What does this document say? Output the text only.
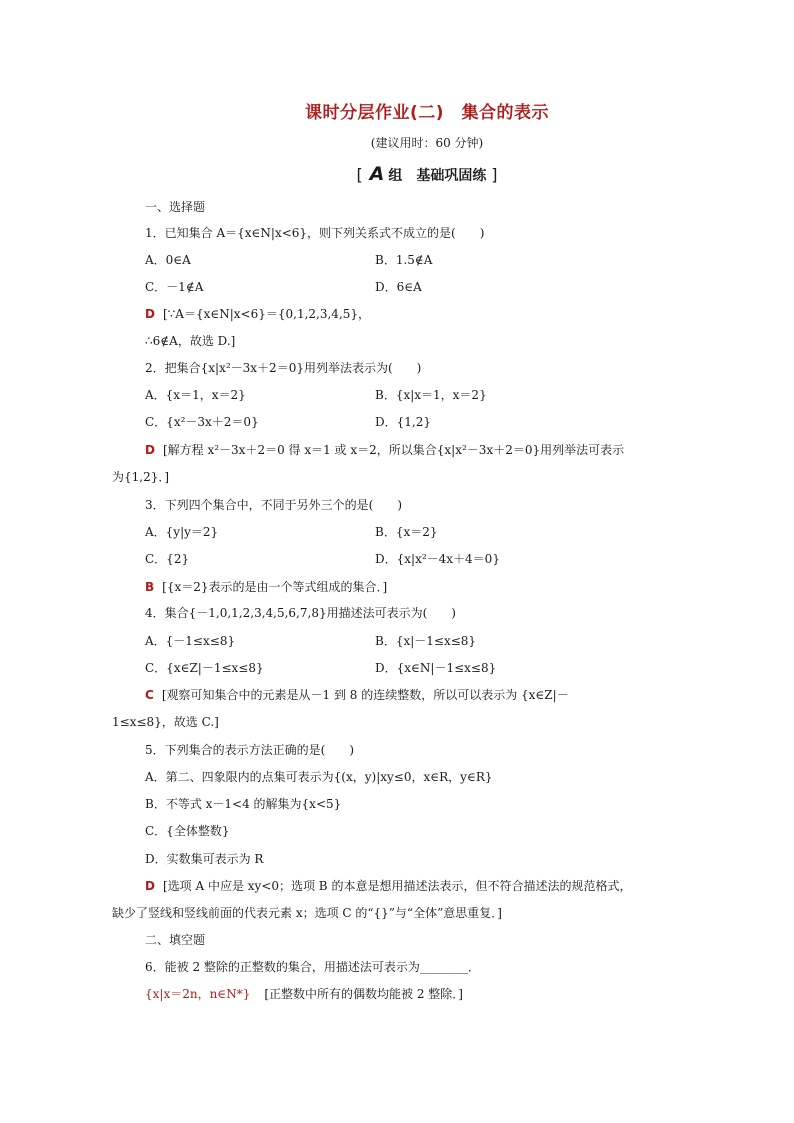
课时分层作业(二)　集合的表示
(建议用时：60 分钟)
[ A 组　基础巩固练 ]
一、选择题
1．已知集合 A＝{x∈N|x<6}，则下列关系式不成立的是(　　)
A．0∈A	B．1.5∉A
C．－1∉A	D．6∈A
D [∵A＝{x∈N|x<6}＝{0,1,2,3,4,5}，
∴6∉A，故选 D.]
2．把集合{x|x²－3x＋2＝0}用列举法表示为(　　)
A．{x＝1，x＝2}	B．{x|x＝1，x＝2}
C．{x²－3x＋2＝0}	D．{1,2}
D [解方程 x²－3x＋2＝0 得 x＝1 或 x＝2，所以集合{x|x²－3x＋2＝0}用列举法可表示
为{1,2}．]
3．下列四个集合中，不同于另外三个的是(　　)
A．{y|y＝2}	B．{x＝2}
C．{2}	D．{x|x²－4x＋4＝0}
B [{x＝2}表示的是由一个等式组成的集合．]
4．集合{－1,0,1,2,3,4,5,6,7,8}用描述法可表示为(　　)
A．{－1≤x≤8}	B．{x|－1≤x≤8}
C．{x∈Z|－1≤x≤8}	D．{x∈N|－1≤x≤8}
C [观察可知集合中的元素是从－1 到 8 的连续整数，所以可以表示为 {x∈Z|－
1≤x≤8}，故选 C.]
5．下列集合的表示方法正确的是(　　)
A．第二、四象限内的点集可表示为{(x，y)|xy≤0，x∈R，y∈R}
B．不等式 x－1<4 的解集为{x<5}
C．{全体整数}
D．实数集可表示为 R
D [选项 A 中应是 xy<0；选项 B 的本意是想用描述法表示，但不符合描述法的规范格式，
缺少了竖线和竖线前面的代表元素 x；选项 C 的“{}”与“全体”意思重复．]
二、填空题
6．能被 2 整除的正整数的集合，用描述法可表示为________．
{x|x＝2n，n∈N*} [正整数中所有的偶数均能被 2 整除．]
